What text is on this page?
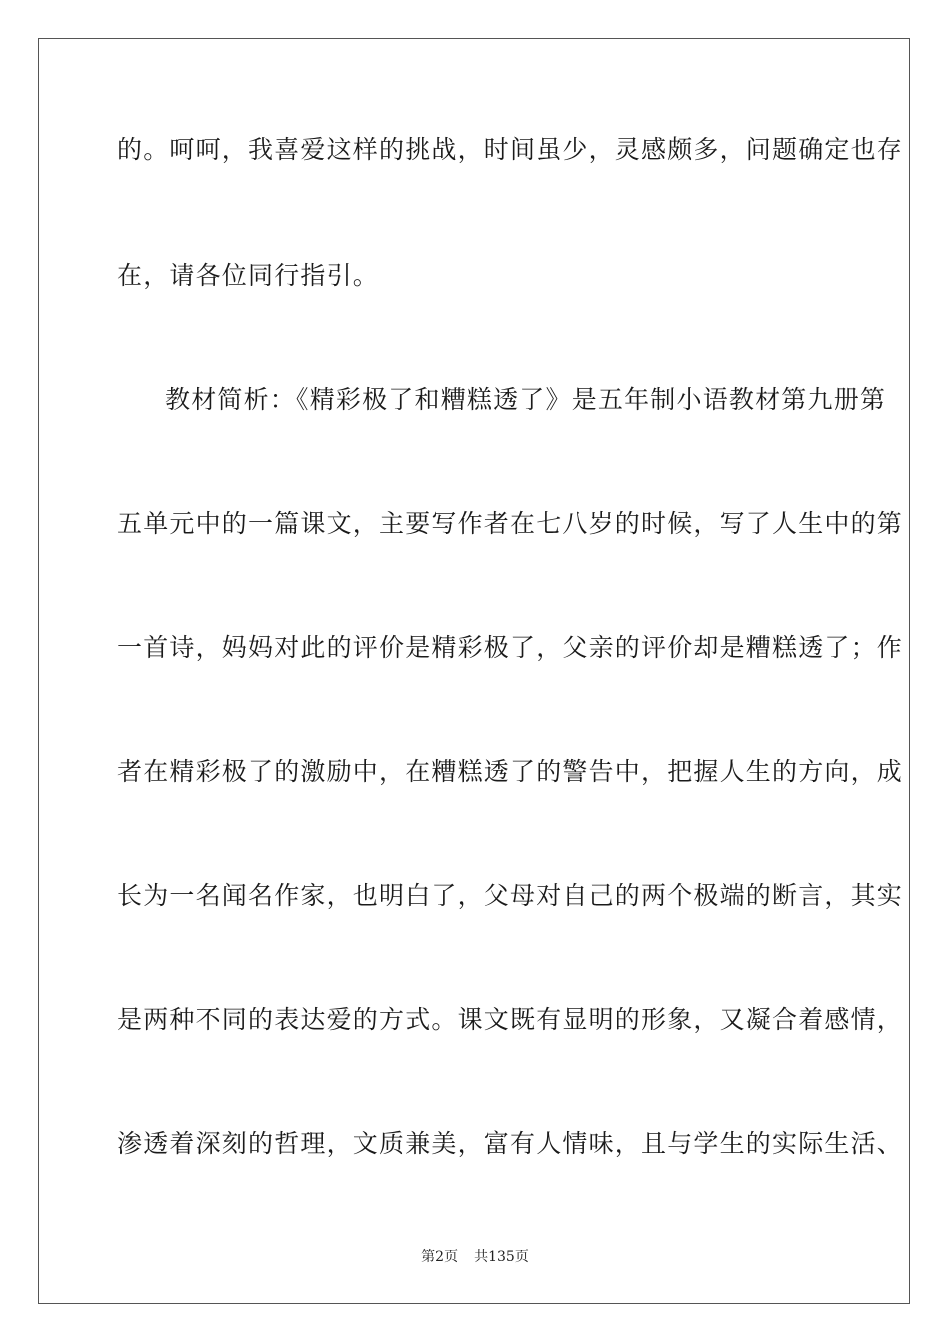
的。呵呵，我喜爱这样的挑战，时间虽少，灵感颇多，问题确定也存
在，请各位同行指引。
教材简析：《精彩极了和糟糕透了》是五年制小语教材第九册第
五单元中的一篇课文，主要写作者在七八岁的时候，写了人生中的第
一首诗，妈妈对此的评价是精彩极了，父亲的评价却是糟糕透了；作
者在精彩极了的激励中，在糟糕透了的警告中，把握人生的方向，成
长为一名闻名作家，也明白了，父母对自己的两个极端的断言，其实
是两种不同的表达爱的方式。课文既有显明的形象，又凝合着感情，
渗透着深刻的哲理，文质兼美，富有人情味，且与学生的实际生活、
第2页 共135页
